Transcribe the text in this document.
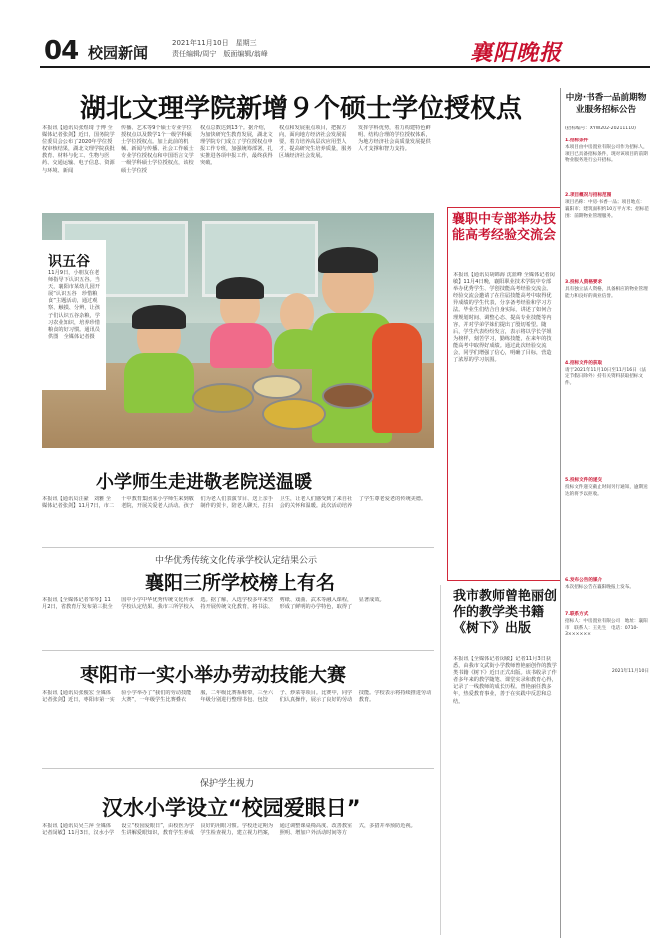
04 校园新闻
2021年11月10日　星期三
责任编辑/周宁　版面编辑/翁峰	襄阳晚报
湖北文理学院新增９个硕士学位授权点
本报讯【通讯员张煜琦 于博 全媒体记者张剑】近日，国务院学位委员会公布了2020年学位授权审核结果，湖北文理学院获批教育、材料与化工、生物与医药、交通运输、电子信息、资源与环境、新闻
传播、艺术等9个硕士专业学位授权点以及数学1个一级学科硕士学位授权点。加上此前的机械、新闻与传播、社会工作硕士专业学位授权点和中国语言文学一级学科硕士学位授权点，该校硕士学位授
权点总数达到13个。据介绍，为加快研究生教育发展，湖北文理学院专门成立了学位授权点申报工作专班，加强统筹部署，扎实推进各项申报工作，最终获得突破。
权点和发展重点项目，把握方向，面向地方经济社会发展需要，着力培养高层次应用型人才，提高研究生培养质量，服务区域经济社会发展。
发挥学科优势，着力构建特色鲜明、结构合理的学位授权体系，为地方经济社会高质量发展提供人才支撑和智力支持。
识五谷
11月9日，小朋友在老师指导下认识五谷。当天，襄阳市某幼儿园开展“认识五谷　珍惜粮食”主题活动，通过观察、触摸、分辨，让孩子们认识五谷杂粮，学习农业知识，培养珍惜粮食的好习惯。通讯员供图　全媒体记者摄
襄职中专部举办技能高考经验交流会
本报讯【通讯员胡锦海 沈蓝峰 全媒体记者闵敏】11月4日晚，襄阳职业技术学院中专部举办优秀学生、学创技能高考经验交流会。经验交流会邀请了在往届技能高考中取得优异成绩的学生代表，分享备考经验和学习方法。毕业生们结合自身实际，讲述了如何合理规划时间、调整心态、提高专业技能等内容，并对学弟学妹们提出了殷切希望。随后，学生代表纷纷发言，表示将以学长学姐为榜样，刻苦学习，勤练技能，在来年的技能高考中取得好成绩。通过此次经验交流会，同学们增强了信心，明确了目标，营造了浓厚的学习氛围。
小学师生走进敬老院送温暖
本报讯【通讯员汪豪　刘雅 全媒体记者张剑】11月7日，市二十中教育集团某小学师生来到敬老院，开展关爱老人活动。孩子们为老人们表演节目、送上亲手制作的贺卡，陪老人聊天、打扫卫生，让老人们感受到了来自社会的关怀和温暖。此次活动培养了学生尊老爱老的传统美德。
中华优秀传统文化传承学校认定结果公示
襄阳三所学校榜上有名
本报讯【全媒体记者邹琴】11月2日，省教育厅发布第三批全国中小学中华优秀传统文化传承学校认定结果。我市三所学校入选。据了解，入选学校多年来坚持开展传统文化教育，将书法、剪纸、戏曲、武术等融入课程，形成了鲜明的办学特色，取得了显著成效。
枣阳市一实小举办劳动技能大赛
本报讯【通讯员张俊宏 全媒体记者张剑】近日，枣阳市第一实验小学举办了“我们的劳动技能大赛”，一年级学生比赛叠衣服，二年级比赛系鞋带，三至六年级分别进行整理书包、包饺子、炒菜等项目。比赛中，同学们认真操作，展示了良好的劳动技能。学校表示将持续推进劳动教育。
保护学生视力
汉水小学设立“校园爱眼日”
本报讯【通讯员吴兰萍 全媒体记者闵敏】11月3日，汉水小学设立“校园爱眼日”，由校医为学生讲解爱眼知识，教育学生养成良好的用眼习惯。学校还定期为学生检查视力，建立视力档案，通过调整课桌椅高度、改善教室照明、增加户外活动时间等方式，多措并举预防近视。
我市教师曾艳丽创作的教学类书籍《树下》出版
本报讯【全媒体记者闵敏】记者11月3日获悉，由我市文武街小学教师曾艳丽创作的教学类书籍《树下》近日正式出版。该书收录了作者多年来的教学随笔、课堂实录和教育心得，记录了一线教师的成长历程。曾艳丽任教多年，热爱教育事业，善于在实践中反思和总结。
中房·书香一品前期物业服务招标公告
(招标编号：XYW202-20211110)
1.招标条件
本项目由中房置业有限公司作为招标人，项目已具备招标条件，现对该项目的前期物业服务进行公开招标。
2.项目概况与招标范围
项目名称：中房·书香一品；项目地点：襄阳市；建筑面积约10万平方米；招标范围：前期物业管理服务。
3.投标人资格要求
具有独立法人资格，具备相应的物业管理能力和良好的商业信誉。
4.招标文件的获取
请于2021年11月10日至11月16日（法定节假日除外）持有关资料获取招标文件。
5.投标文件的递交
投标文件递交截止时间另行通知，逾期送达的将予以拒收。
6.发布公告的媒介
本次招标公告在襄阳晚报上发布。
7.联系方式
招标人：中房置业有限公司　地址：襄阳市　联系人：王先生　电话：0710-3××××××
2021年11月10日
